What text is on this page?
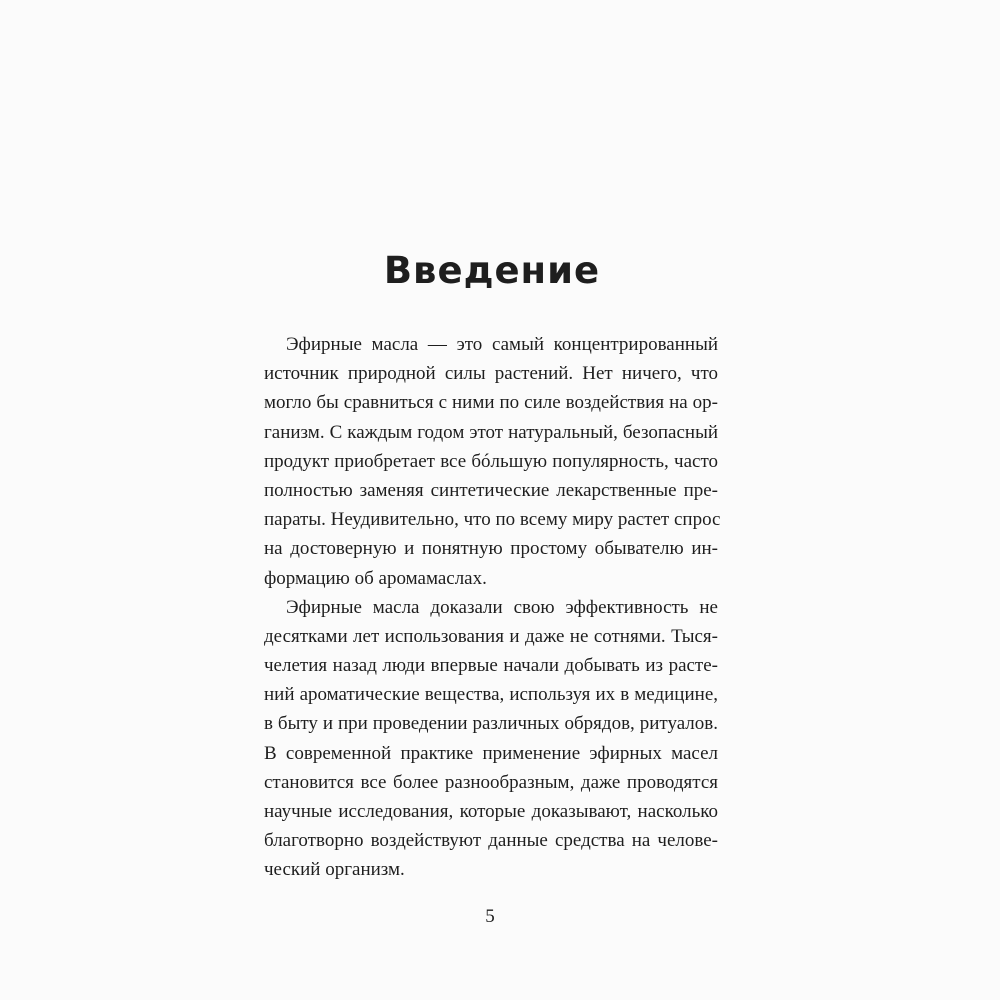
Введение
Эфирные масла — это самый концентрированный
источник природной силы растений. Нет ничего, что
могло бы сравниться с ними по силе воздействия на ор-
ганизм. С каждым годом этот натуральный, безопасный
продукт приобретает все бóльшую популярность, часто
полностью заменяя синтетические лекарственные пре-
параты. Неудивительно, что по всему миру растет спрос
на достоверную и понятную простому обывателю ин-
формацию об аромамаслах.
Эфирные масла доказали свою эффективность не
десятками лет использования и даже не сотнями. Тыся-
челетия назад люди впервые начали добывать из расте-
ний ароматические вещества, используя их в медицине,
в быту и при проведении различных обрядов, ритуалов.
В современной практике применение эфирных масел
становится все более разнообразным, даже проводятся
научные исследования, которые доказывают, насколько
благотворно воздействуют данные средства на челове-
ческий организм.
5
